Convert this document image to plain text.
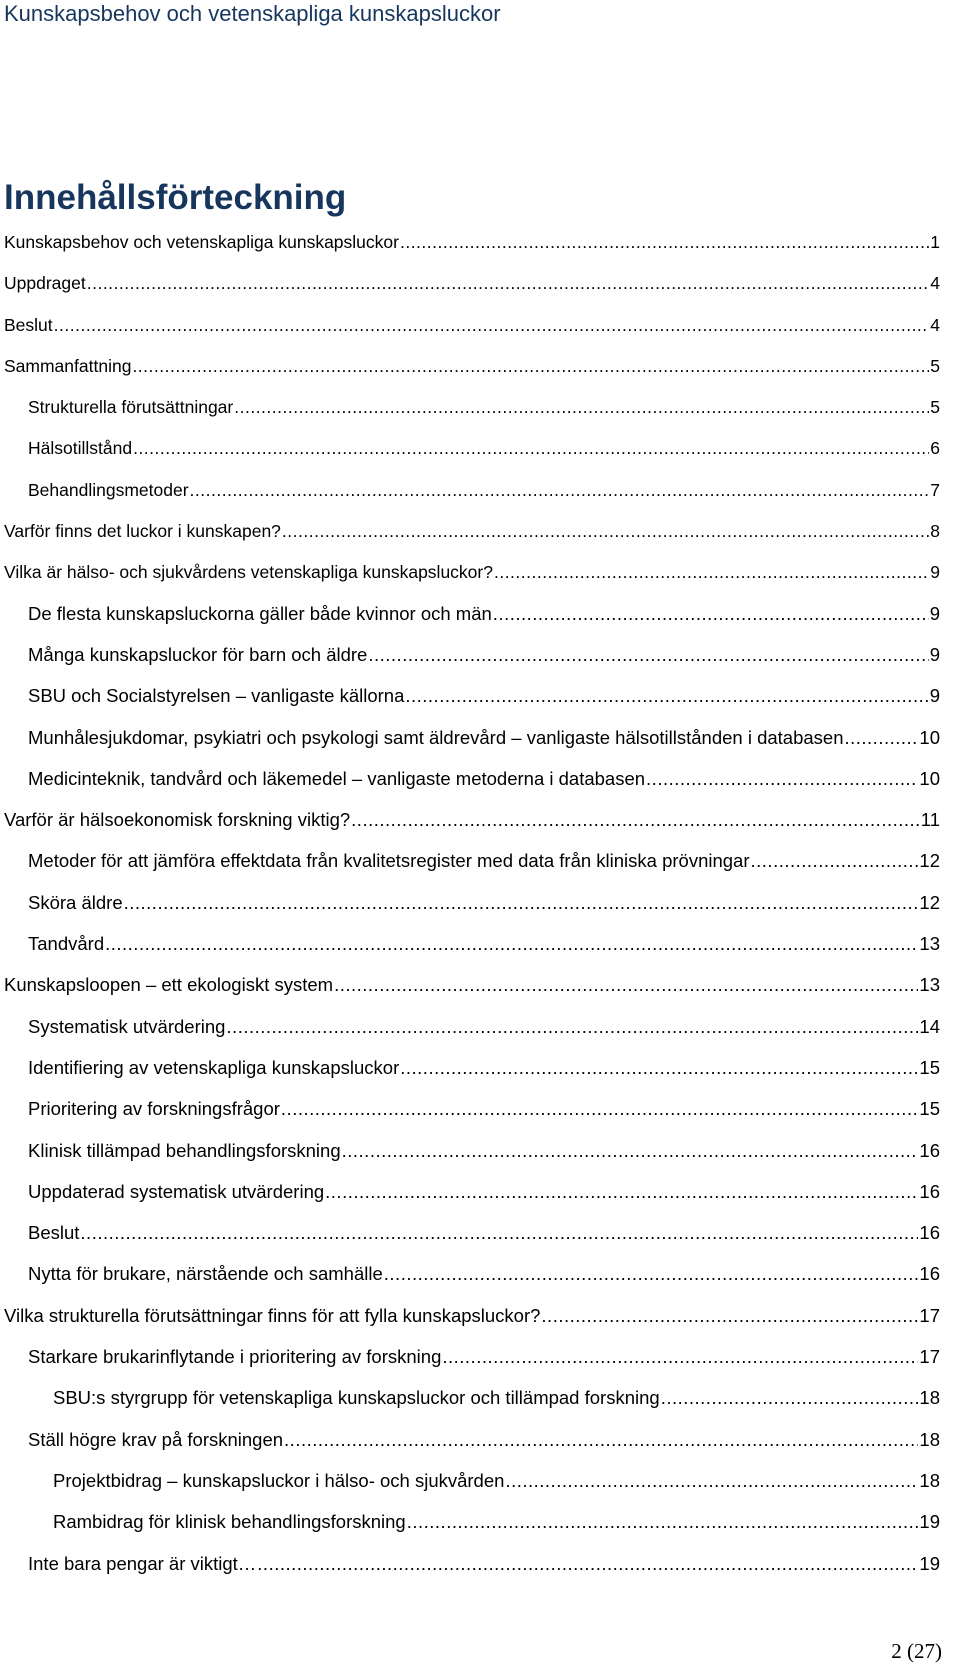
Kunskapsbehov och vetenskapliga kunskapsluckor
Innehållsförteckning
Kunskapsbehov och vetenskapliga kunskapsluckor .....	1
Uppdraget .....	4
Beslut .....	4
Sammanfattning .....	5
Strukturella förutsättningar .....	5
Hälsotillstånd .....	6
Behandlingsmetoder .....	7
Varför finns det luckor i kunskapen? .....	8
Vilka är hälso- och sjukvårdens vetenskapliga kunskapsluckor? .....	9
De flesta kunskapsluckorna gäller både kvinnor och män .....	9
Många kunskapsluckor för barn och äldre .....	9
SBU och Socialstyrelsen – vanligaste källorna .....	9
Munhålesjukdomar, psykiatri och psykologi samt äldrevård – vanligaste hälsotillstånden i databasen .....	10
Medicinteknik, tandvård och läkemedel – vanligaste metoderna i databasen .....	10
Varför är hälsoekonomisk forskning viktig? .....	11
Metoder för att jämföra effektdata från kvalitetsregister med data från kliniska prövningar .....	12
Sköra äldre .....	12
Tandvård .....	13
Kunskapsloopen – ett ekologiskt system .....	13
Systematisk utvärdering .....	14
Identifiering av vetenskapliga kunskapsluckor .....	15
Prioritering av forskningsfrågor .....	15
Klinisk tillämpad behandlingsforskning .....	16
Uppdaterad systematisk utvärdering .....	16
Beslut .....	16
Nytta för brukare, närstående och samhälle .....	16
Vilka strukturella förutsättningar finns för att fylla kunskapsluckor? .....	17
Starkare brukarinflytande i prioritering av forskning .....	17
SBU:s styrgrupp för vetenskapliga kunskapsluckor och tillämpad forskning .....	18
Ställ högre krav på forskningen .....	18
Projektbidrag – kunskapsluckor i hälso- och sjukvården .....	18
Rambidrag för klinisk behandlingsforskning .....	19
Inte bara pengar är viktigt… .....	19
2 (27)
